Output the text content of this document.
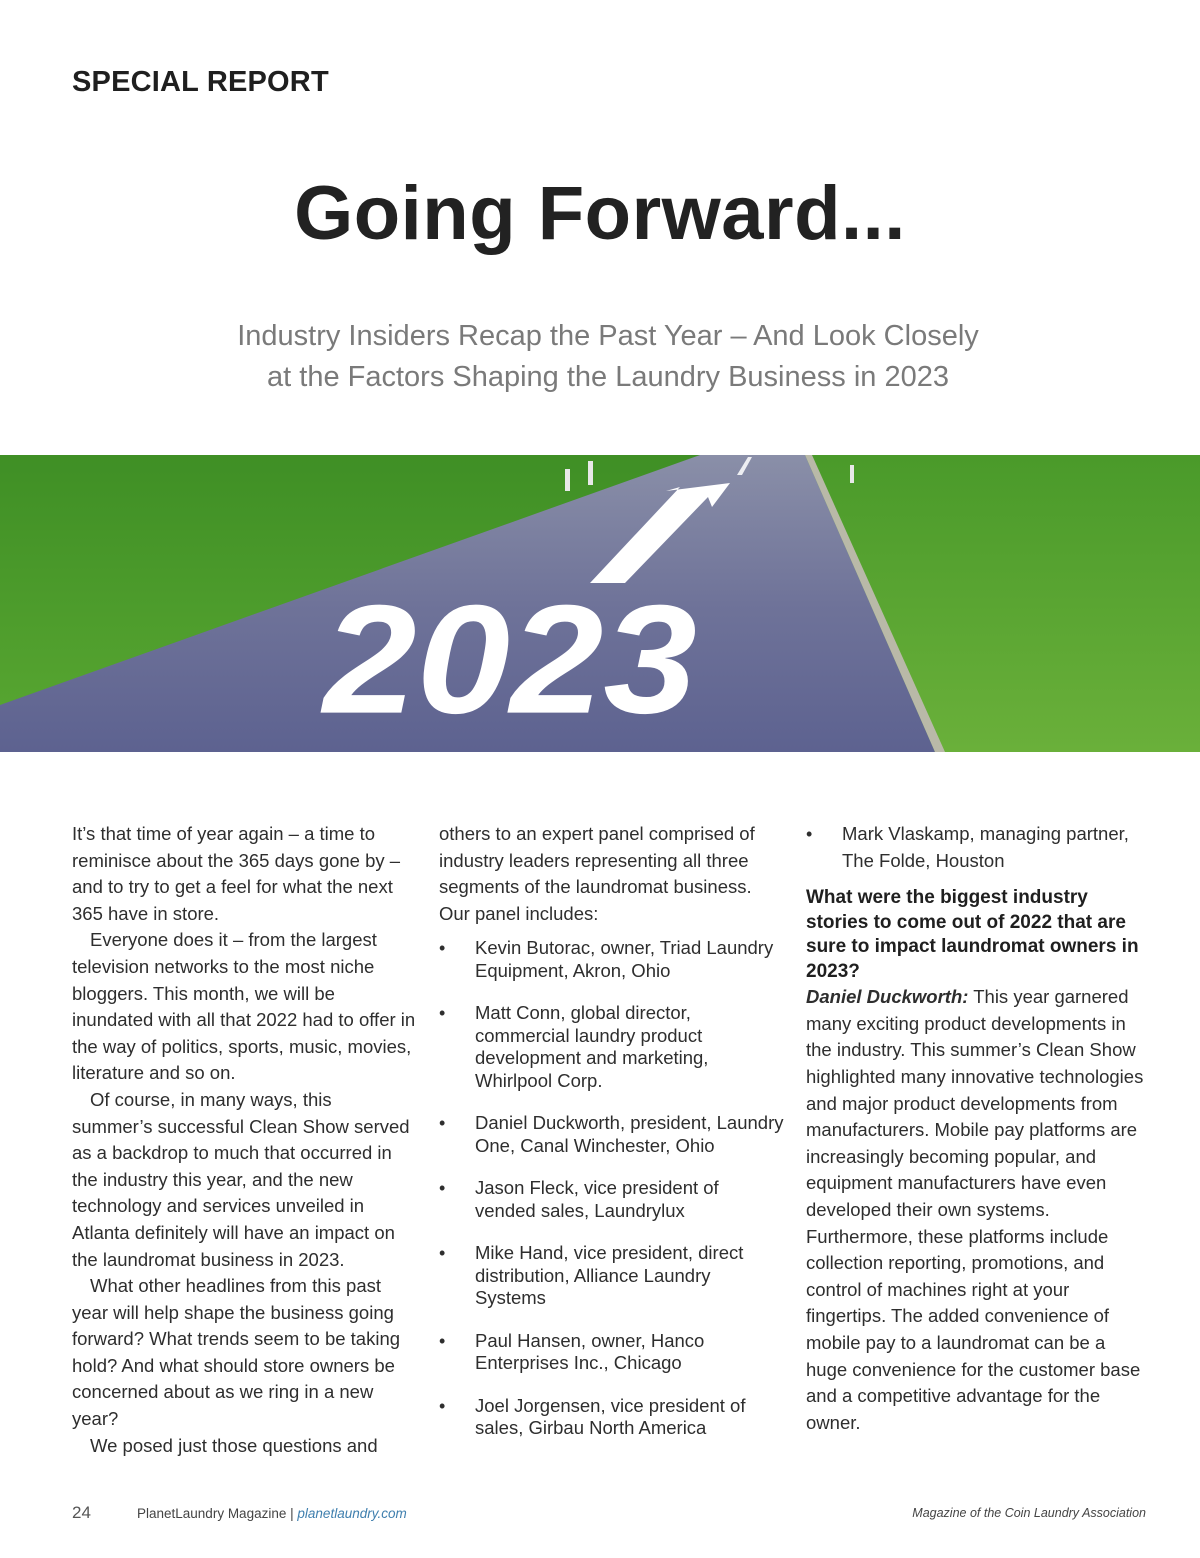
SPECIAL REPORT
Going Forward...
Industry Insiders Recap the Past Year – And Look Closely
at the Factors Shaping the Laundry Business in 2023
2023

It’s that time of year again – a time to reminisce about the 365 days gone by – and to try to get a feel for what the next 365 have in store.

Everyone does it – from the largest television networks to the most niche bloggers. This month, we will be inundated with all that 2022 had to offer in the way of politics, sports, music, movies, literature and so on.

Of course, in many ways, this summer’s successful Clean Show served as a backdrop to much that occurred in the industry this year, and the new technology and services unveiled in Atlanta definitely will have an impact on the laundromat business in 2023.

What other headlines from this past year will help shape the business going forward? What trends seem to be taking hold? And what should store owners be concerned about as we ring in a new year?

We posed just those questions and

others to an expert panel comprised of industry leaders representing all three segments of the laundromat business. Our panel includes:

• Kevin Butorac, owner, Triad Laundry Equipment, Akron, Ohio
• Matt Conn, global director, commercial laundry product development and marketing, Whirlpool Corp.
• Daniel Duckworth, president, Laundry One, Canal Winchester, Ohio
• Jason Fleck, vice president of vended sales, Laundrylux
• Mike Hand, vice president, direct distribution, Alliance Laundry Systems
• Paul Hansen, owner, Hanco Enterprises Inc., Chicago
• Joel Jorgensen, vice president of sales, Girbau North America
• Mark Vlaskamp, managing partner, The Folde, Houston

What were the biggest industry stories to come out of 2022 that are sure to impact laundromat owners in 2023?

Daniel Duckworth: This year garnered many exciting product developments in the industry. This summer’s Clean Show highlighted many innovative technologies and major product developments from manufacturers. Mobile pay platforms are increasingly becoming popular, and equipment manufacturers have even developed their own systems. Furthermore, these platforms include collection reporting, promotions, and control of machines right at your fingertips. The added convenience of mobile pay to a laundromat can be a huge convenience for the customer base and a competitive advantage for the owner.

24	PlanetLaundry Magazine | planetlaundry.com	Magazine of the Coin Laundry Association
